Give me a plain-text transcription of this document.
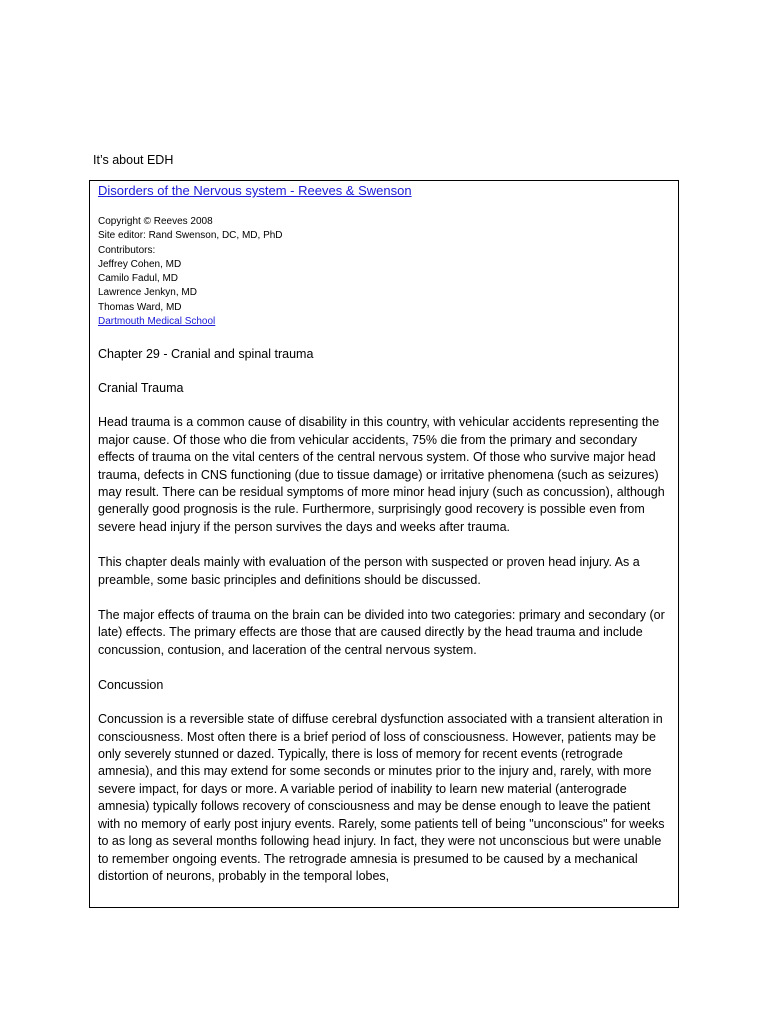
It’s about EDH
Disorders of the Nervous system - Reeves & Swenson
Copyright © Reeves 2008
Site editor: Rand Swenson, DC, MD, PhD
Contributors:
Jeffrey Cohen, MD
Camilo Fadul, MD
Lawrence Jenkyn, MD
Thomas Ward, MD
Dartmouth Medical School
Chapter 29 - Cranial and spinal trauma
Cranial Trauma

Head trauma is a common cause of disability in this country, with vehicular accidents representing the major cause. Of those who die from vehicular accidents, 75% die from the primary and secondary effects of trauma on the vital centers of the central nervous system. Of those who survive major head trauma, defects in CNS functioning (due to tissue damage) or irritative phenomena (such as seizures) may result. There can be residual symptoms of more minor head injury (such as concussion), although generally good prognosis is the rule. Furthermore, surprisingly good recovery is possible even from severe head injury if the person survives the days and weeks after trauma.

This chapter deals mainly with evaluation of the person with suspected or proven head injury. As a preamble, some basic principles and definitions should be discussed.

The major effects of trauma on the brain can be divided into two categories: primary and secondary (or late) effects. The primary effects are those that are caused directly by the head trauma and include concussion, contusion, and laceration of the central nervous system.

Concussion

Concussion is a reversible state of diffuse cerebral dysfunction associated with a transient alteration in consciousness. Most often there is a brief period of loss of consciousness. However, patients may be only severely stunned or dazed. Typically, there is loss of memory for recent events (retrograde amnesia), and this may extend for some seconds or minutes prior to the injury and, rarely, with more severe impact, for days or more. A variable period of inability to learn new material (anterograde amnesia) typically follows recovery of consciousness and may be dense enough to leave the patient with no memory of early post injury events. Rarely, some patients tell of being "unconscious" for weeks to as long as several months following head injury. In fact, they were not unconscious but were unable to remember ongoing events. The retrograde amnesia is presumed to be caused by a mechanical distortion of neurons, probably in the temporal lobes,
